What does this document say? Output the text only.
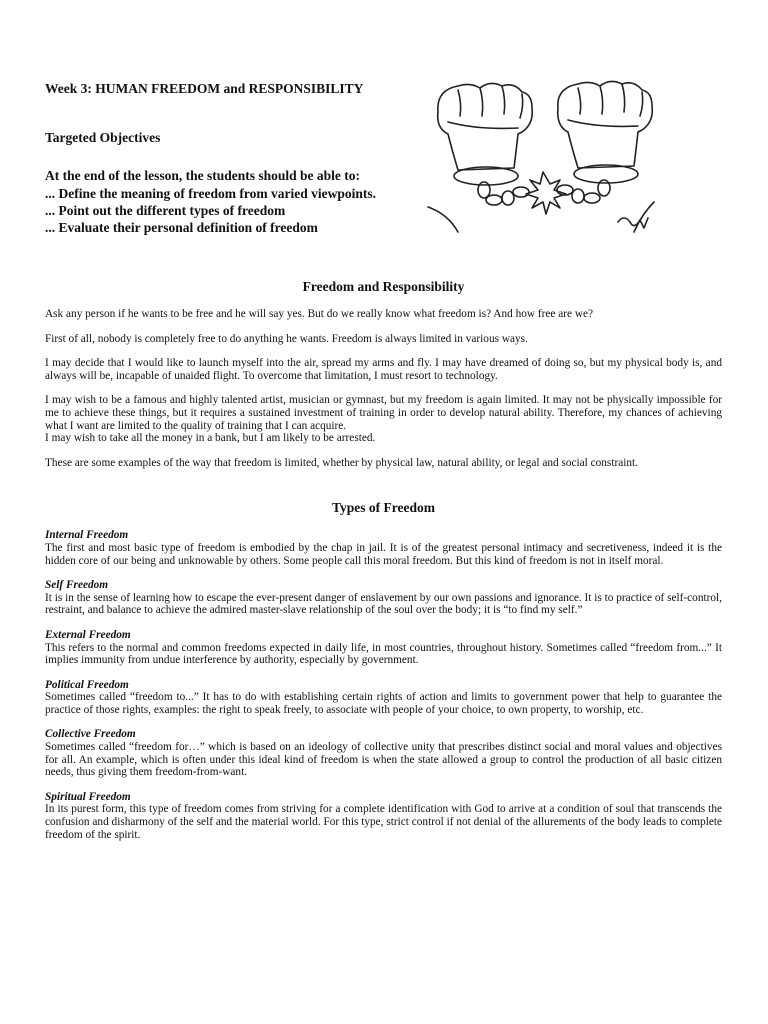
Week 3: HUMAN FREEDOM and RESPONSIBILITY

Targeted Objectives

At the end of the lesson, the students should be able to:

... Define the meaning of freedom from varied viewpoints.
... Point out the different types of freedom
... Evaluate their personal definition of freedom

Freedom and Responsibility

Ask any person if he wants to be free and he will say yes. But do we really know what freedom is? And how free are we?

First of all, nobody is completely free to do anything he wants. Freedom is always limited in various ways.

I may decide that I would like to launch myself into the air, spread my arms and fly. I may have dreamed of doing so, but my physical body is, and always will be, incapable of unaided flight. To overcome that limitation, I must resort to technology.

I may wish to be a famous and highly talented artist, musician or gymnast, but my freedom is again limited. It may not be physically impossible for me to achieve these things, but it requires a sustained investment of training in order to develop natural ability. Therefore, my chances of achieving what I want are limited to the quality of training that I can acquire.

I may wish to take all the money in a bank, but I am likely to be arrested.

These are some examples of the way that freedom is limited, whether by physical law, natural ability, or legal and social constraint.

Types of Freedom

Internal Freedom

The first and most basic type of freedom is embodied by the chap in jail. It is of the greatest personal intimacy and secretiveness, indeed it is the hidden core of our being and unknowable by others. Some people call this moral freedom. But this kind of freedom is not in itself moral.

Self Freedom

It is in the sense of learning how to escape the ever-present danger of enslavement by our own passions and ignorance. It is to practice of self-control, restraint, and balance to achieve the admired master-slave relationship of the soul over the body; it is “to find my self.”

External Freedom

This refers to the normal and common freedoms expected in daily life, in most countries, throughout history. Sometimes called “freedom from...” It implies immunity from undue interference by authority, especially by government.

Political Freedom

Sometimes called “freedom to...” It has to do with establishing certain rights of action and limits to government power that help to guarantee the practice of those rights, examples: the right to speak freely, to associate with people of your choice, to own property, to worship, etc.

Collective Freedom

Sometimes called “freedom for…” which is based on an ideology of collective unity that prescribes distinct social and moral values and objectives for all. An example, which is often under this ideal kind of freedom is when the state allowed a group to control the production of all basic citizen needs, thus giving them freedom-from-want.

Spiritual Freedom

In its purest form, this type of freedom comes from striving for a complete identification with God to arrive at a condition of soul that transcends the confusion and disharmony of the self and the material world. For this type, strict control if not denial of the allurements of the body leads to complete freedom of the spirit.
